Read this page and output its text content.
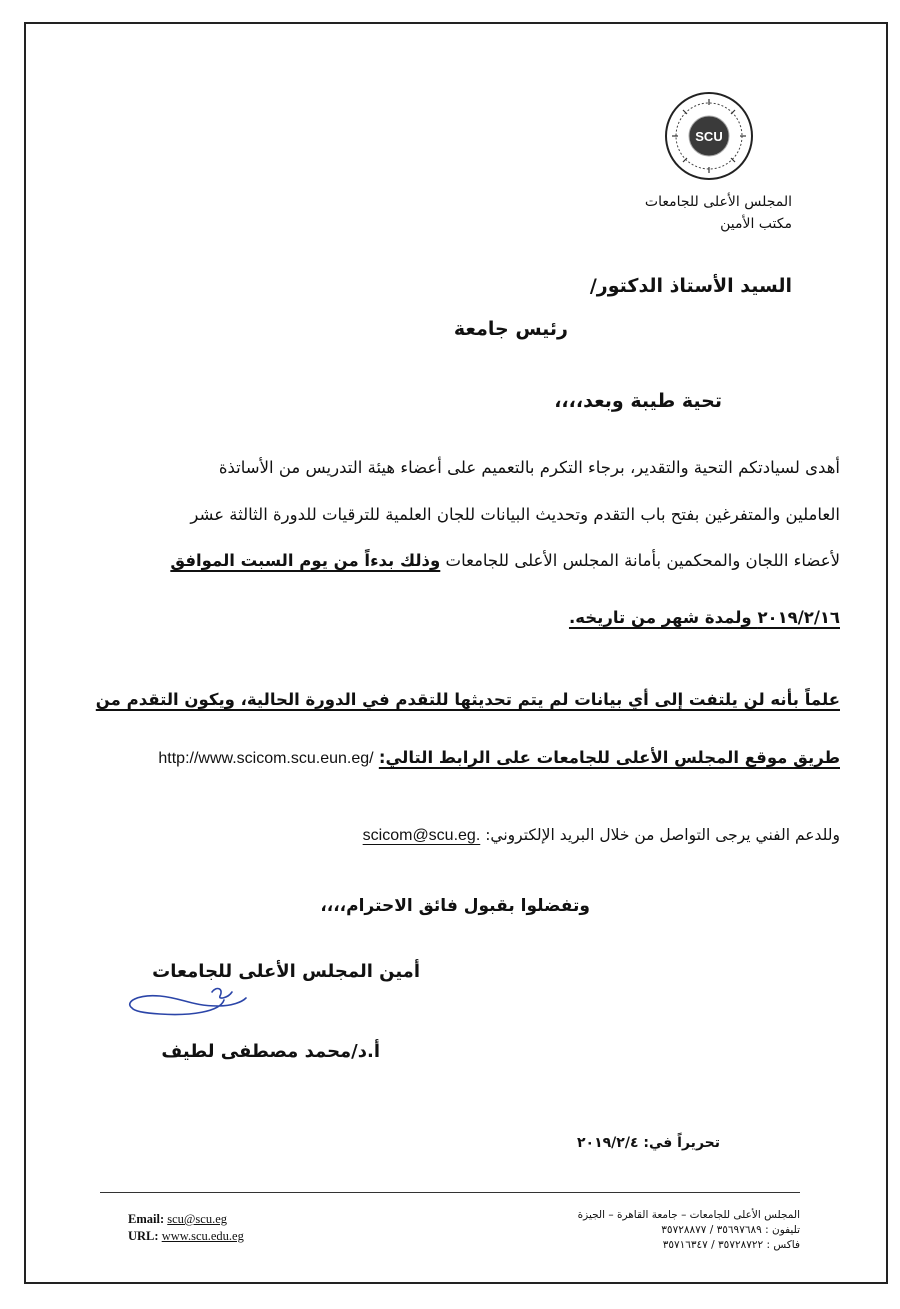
SCU
المجلس الأعلى للجامعات
مكتب الأمين
السيد الأستاذ الدكتور/
رئيس جامعة
تحية طيبة وبعد،،،،
أهدى لسيادتكم التحية والتقدير، برجاء التكرم بالتعميم على أعضاء هيئة التدريس من الأساتذة
العاملين والمتفرغين بفتح باب التقدم وتحديث البيانات للجان العلمية للترقيات للدورة الثالثة عشر
لأعضاء اللجان والمحكمين بأمانة المجلس الأعلى للجامعات وذلك بدءاً من يوم السبت الموافق
٢٠١٩/٢/١٦ ولمدة شهر من تاريخه.
علماً بأنه لن يلتفت إلى أي بيانات لم يتم تحديثها للتقدم في الدورة الحالية، ويكون التقدم من
طريق موقع المجلس الأعلى للجامعات على الرابط التالي: http://www.scicom.scu.eun.eg/
وللدعم الفني يرجى التواصل من خلال البريد الإلكتروني: scicom@scu.eg.
وتفضلوا بقبول فائق الاحترام،،،،
أمين المجلس الأعلى للجامعات
أ.د/محمد مصطفى لطيف
تحريراً في: ٢٠١٩/٢/٤
Email: scu@scu.eg
URL: www.scu.edu.eg
المجلس الأعلى للجامعات – جامعة القاهرة – الجيزة
تليفون : ٣٥٦٩٧٦٨٩ / ٣٥٧٢٨٨٧٧
فاكس : ٣٥٧٢٨٧٢٢ / ٣٥٧١٦٣٤٧
